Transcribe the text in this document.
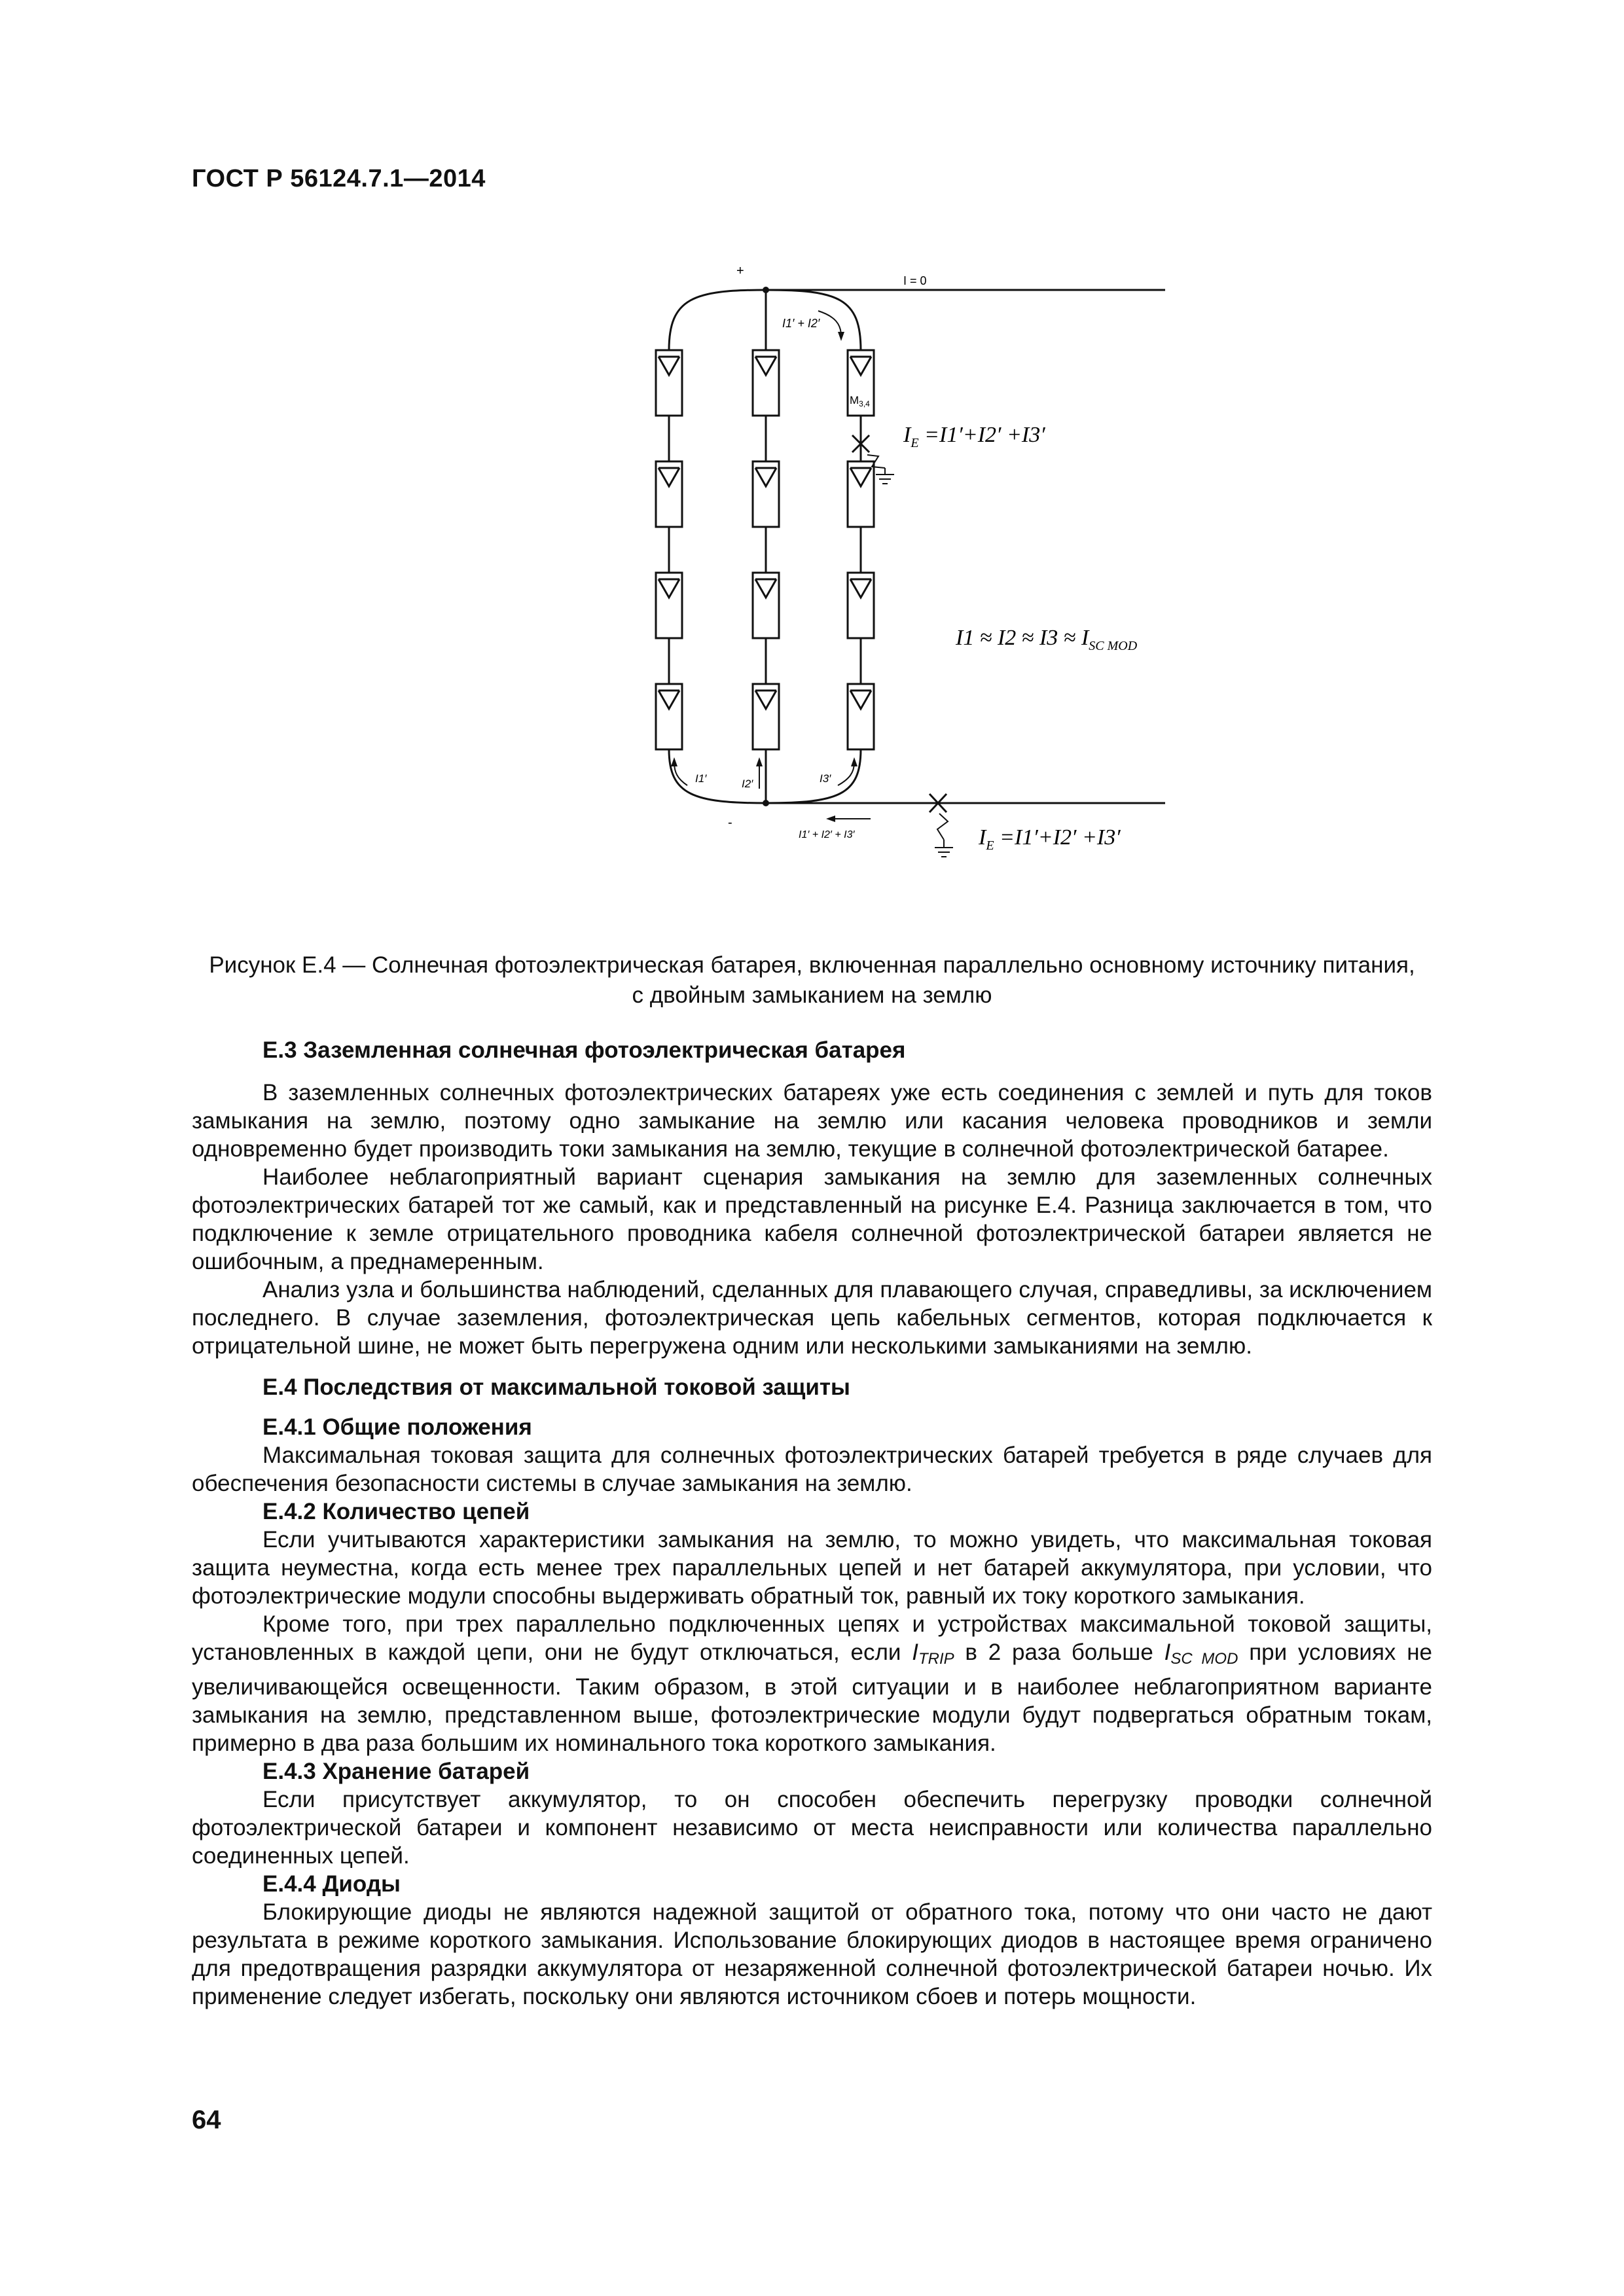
ГОСТ Р 56124.7.1—2014
+
I = 0
I1′ + I2′
$M_{3,4}$
$I_E =I1'+I2' +I3'$
$I1 \approx I2 \approx I3 \approx I_{SC MOD}$
I1′	I2′	I3′
-
I1′ + I2′ + I3′	$I_E =I1'+I2' +I3'$
Рисунок Е.4 — Солнечная фотоэлектрическая батарея, включенная параллельно основному источнику питания,
с двойным замыканием на землю

Е.3 Заземленная солнечная фотоэлектрическая батарея

В заземленных солнечных фотоэлектрических батареях уже есть соединения с землей и путь для токов замыкания на землю, поэтому одно замыкание на землю или касания человека проводников и земли одновременно будет производить токи замыкания на землю, текущие в солнечной фотоэлектрической батарее.

Наиболее неблагоприятный вариант сценария замыкания на землю для заземленных солнечных фотоэлектрических батарей тот же самый, как и представленный на рисунке Е.4. Разница заключается в том, что подключение к земле отрицательного проводника кабеля солнечной фотоэлектрической батареи является не ошибочным, а преднамеренным.

Анализ узла и большинства наблюдений, сделанных для плавающего случая, справедливы, за исключением последнего. В случае заземления, фотоэлектрическая цепь кабельных сегментов, которая подключается к отрицательной шине, не может быть перегружена одним или несколькими замыканиями на землю.

Е.4 Последствия от максимальной токовой защиты

Е.4.1 Общие положения

Максимальная токовая защита для солнечных фотоэлектрических батарей требуется в ряде случаев для обеспечения безопасности системы в случае замыкания на землю.

Е.4.2 Количество цепей

Если учитываются характеристики замыкания на землю, то можно увидеть, что максимальная токовая защита неуместна, когда есть менее трех параллельных цепей и нет батарей аккумулятора, при условии, что фотоэлектрические модули способны выдерживать обратный ток, равный их току короткого замыкания.

Кроме того, при трех параллельно подключенных цепях и устройствах максимальной токовой защиты, установленных в каждой цепи, они не будут отключаться, если $I_{TRIP}$ в 2 раза больше $I_{SC MOD}$ при условиях не увеличивающейся освещенности. Таким образом, в этой ситуации и в наиболее неблагоприятном варианте замыкания на землю, представленном выше, фотоэлектрические модули будут подвергаться обратным токам, примерно в два раза большим их номинального тока короткого замыкания.

Е.4.3 Хранение батарей

Если присутствует аккумулятор, то он способен обеспечить перегрузку проводки солнечной фотоэлектрической батареи и компонент независимо от места неисправности или количества параллельно соединенных цепей.

Е.4.4 Диоды

Блокирующие диоды не являются надежной защитой от обратного тока, потому что они часто не дают результата в режиме короткого замыкания. Использование блокирующих диодов в настоящее время ограничено для предотвращения разрядки аккумулятора от незаряженной солнечной фотоэлектрической батареи ночью. Их применение следует избегать, поскольку они являются источником сбоев и потерь мощности.

64
